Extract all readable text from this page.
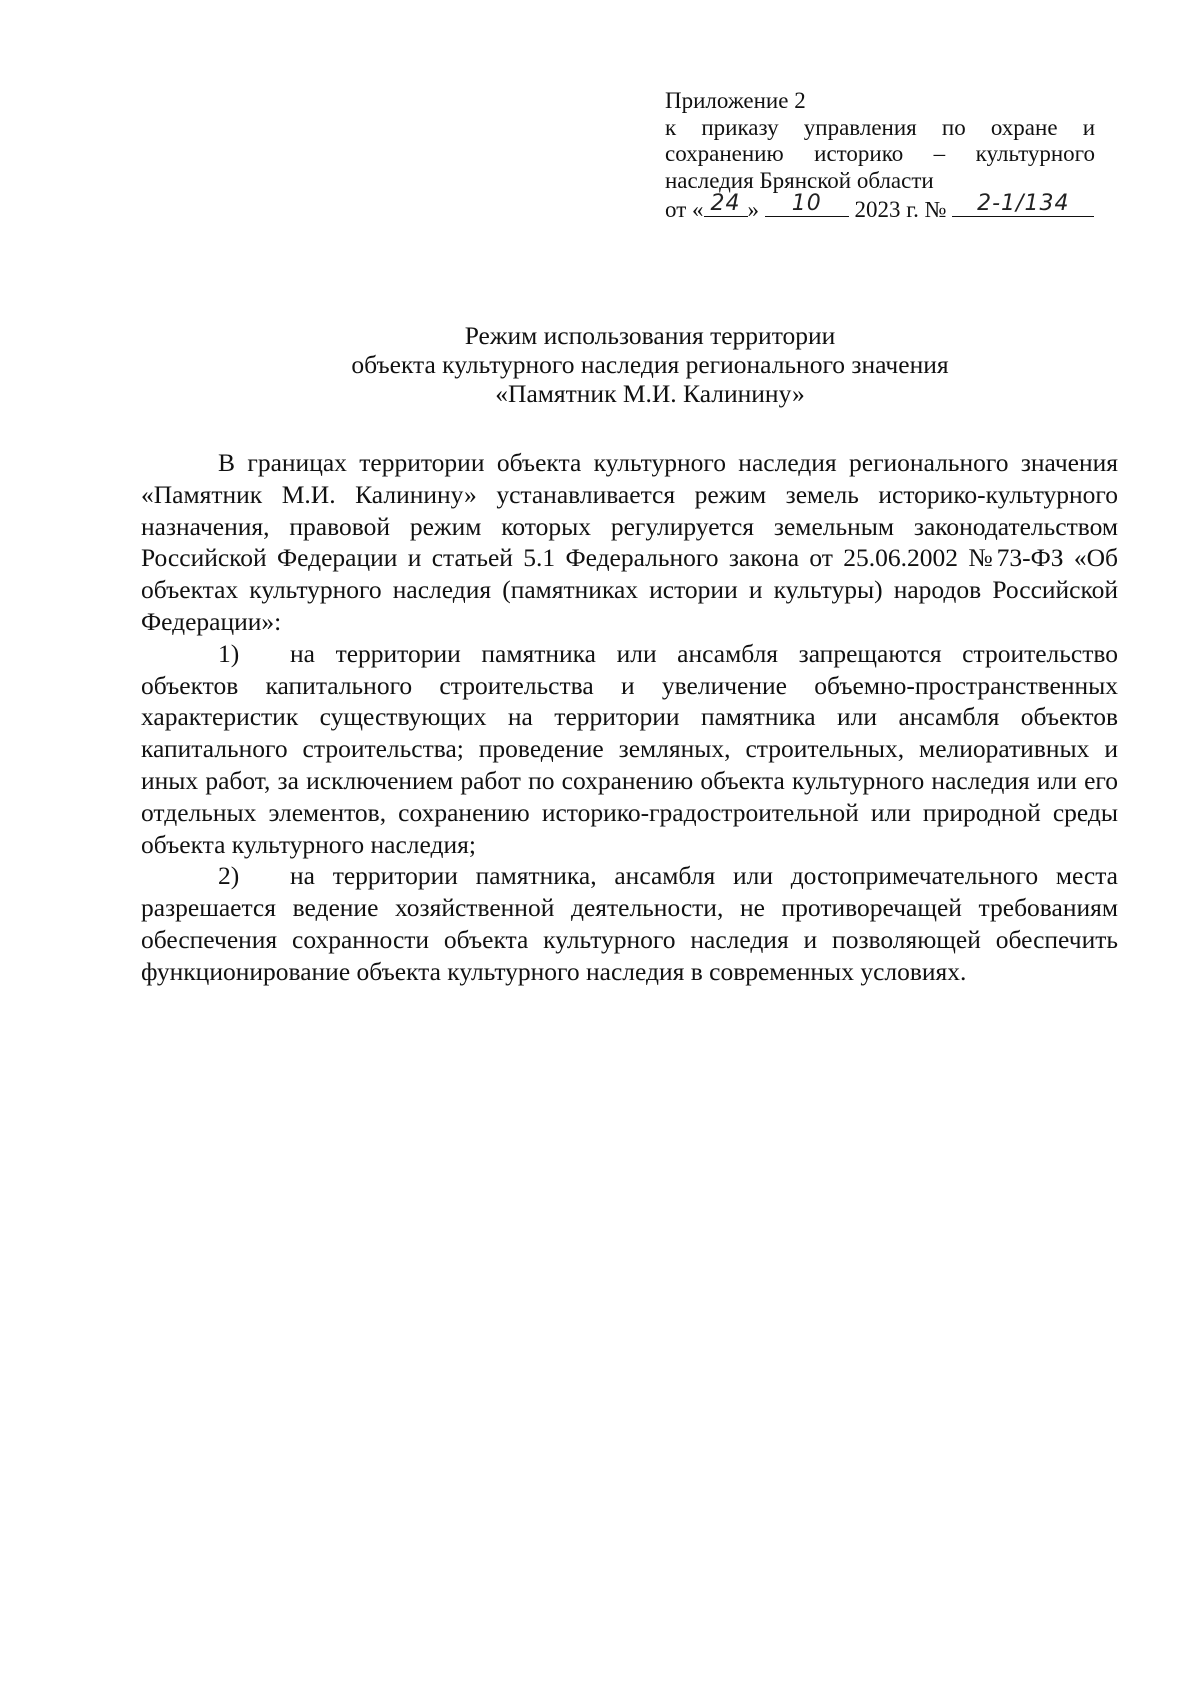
Приложение 2
к приказу управления по охране и
сохранению историко – культурного
наследия Брянской области
от « 24 »	10	2023 г. №	2-1/134
Режим использования территории
объекта культурного наследия регионального значения
«Памятник М.И. Калинину»

В границах территории объекта культурного наследия регионального значения «Памятник М.И. Калинину» устанавливается режим земель историко-культурного назначения, правовой режим которых регулируется земельным законодательством Российской Федерации и статьей 5.1 Федерального закона от 25.06.2002 №73-ФЗ «Об объектах культурного наследия (памятниках истории и культуры) народов Российской Федерации»:

1) на территории памятника или ансамбля запрещаются строительство объектов капитального строительства и увеличение объемно-пространственных характеристик существующих на территории памятника или ансамбля объектов капитального строительства; проведение земляных, строительных, мелиоративных и иных работ, за исключением работ по сохранению объекта культурного наследия или его отдельных элементов, сохранению историко-градостроительной или природной среды объекта культурного наследия;

2) на территории памятника, ансамбля или достопримечательного места разрешается ведение хозяйственной деятельности, не противоречащей требованиям обеспечения сохранности объекта культурного наследия и позволяющей обеспечить функционирование объекта культурного наследия в современных условиях.
